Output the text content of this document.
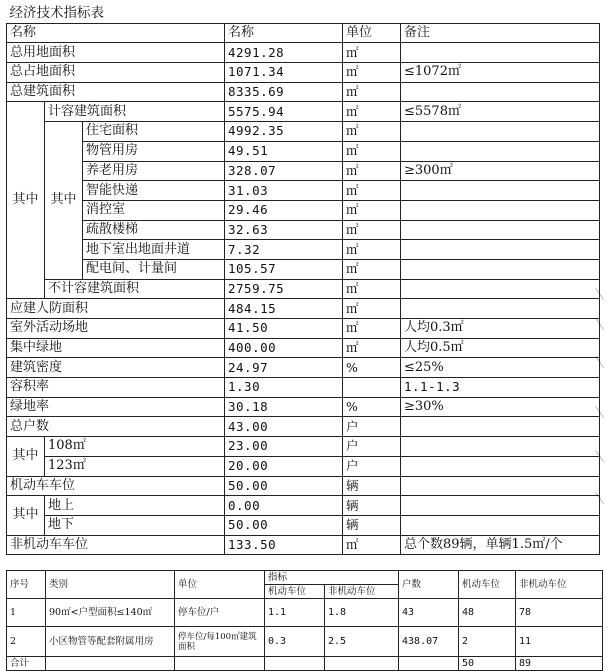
经济技术指标表					
名称			名称	单位	备注
总用地面积			4291.28	㎡	
总占地面积			1071.34	㎡	≤1072㎡
总建筑面积			8335.69	㎡	
其中	计容建筑面积		5575.94	㎡	≤5578㎡
	其中	住宅面积	4992.35	㎡	
		物管用房	49.51	㎡	
		养老用房	328.07	㎡	≥300㎡
		智能快递	31.03	㎡	
		消控室	29.46	㎡	
		疏散楼梯	32.63	㎡	
		地下室出地面井道	7.32	㎡	
		配电间、计量间	105.57	㎡	
	不计容建筑面积		2759.75	㎡	
应建人防面积			484.15	㎡	
室外活动场地			41.50	㎡	人均0.3㎡
集中绿地			400.00	㎡	人均0.5㎡
建筑密度			24.97	%	≤25%
容积率			1.30		1.1-1.3
绿地率			30.18	%	≥30%
总户数			43.00	户	
其中	108㎡		23.00	户	
	123㎡		20.00	户	
机动车车位			50.00	辆	
其中	地上		0.00	辆	
	地下		50.00	辆	
非机动车车位			133.50	㎡	总个数89辆，单辆1.5㎡/个
序号	类别	单位	指标		户数	机动车位	非机动车位
			机动车位	非机动车位			
1	90㎡<户型面积≤140㎡	停车位/户	1.1	1.8	43	48	78
2	小区物管等配套附属用房	停车位/每100㎡建筑面积	0.3	2.5	438.07	2	11
合计						50	89
